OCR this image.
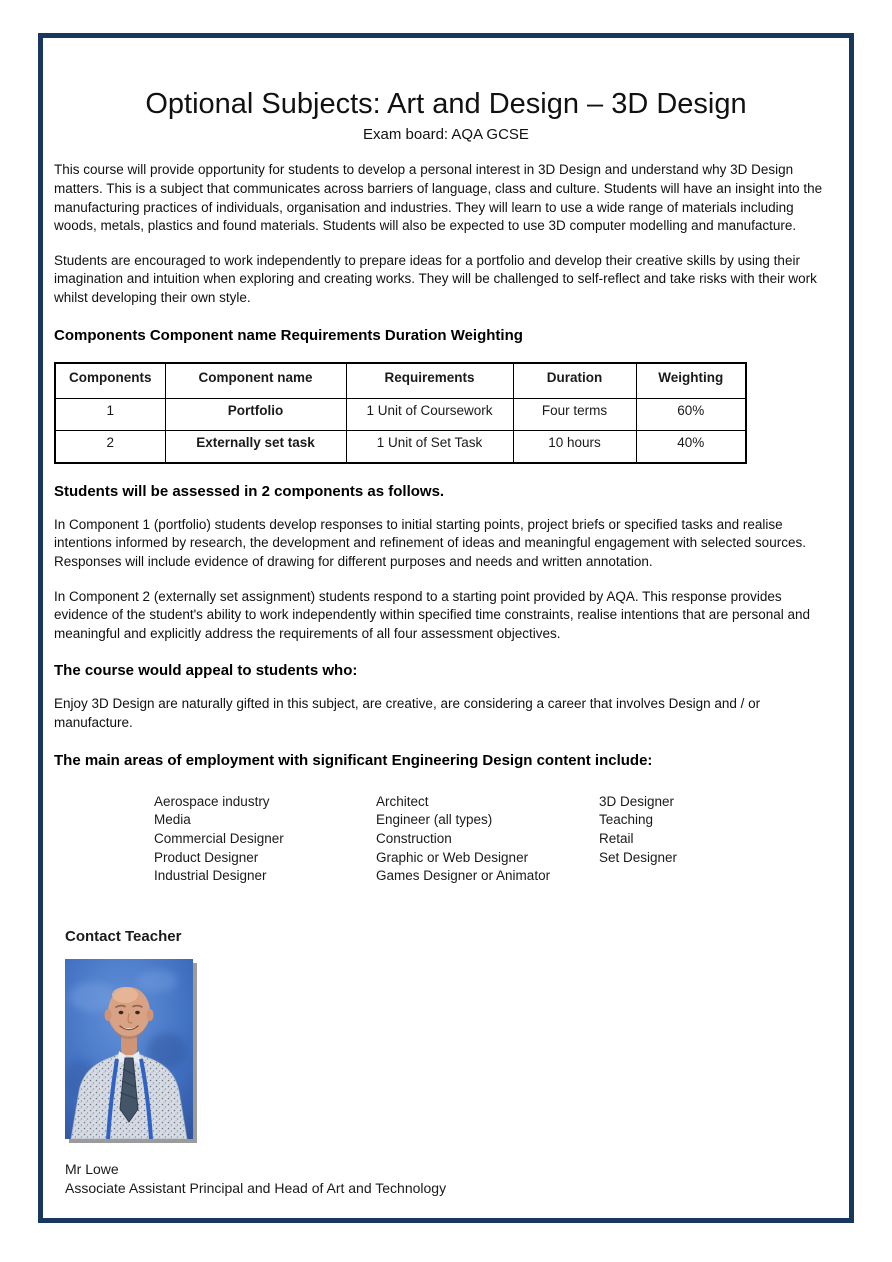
Optional Subjects: Art and Design – 3D Design
Exam board: AQA GCSE

This course will provide opportunity for students to develop a personal interest in 3D Design and understand why 3D Design matters. This is a subject that communicates across barriers of language, class and culture. Students will have an insight into the manufacturing practices of individuals, organisation and industries. They will learn to use a wide range of materials including woods, metals, plastics and found materials. Students will also be expected to use 3D computer modelling and manufacture.

Students are encouraged to work independently to prepare ideas for a portfolio and develop their creative skills by using their imagination and intuition when exploring and creating works. They will be challenged to self-reflect and take risks with their work whilst developing their own style.

Components Component name Requirements Duration Weighting
Components	Component name	Requirements	Duration	Weighting
1	Portfolio	1 Unit of Coursework	Four terms	60%
2	Externally set task	1 Unit of Set Task	10 hours	40%
Students will be assessed in 2 components as follows.

In Component 1 (portfolio) students develop responses to initial starting points, project briefs or specified tasks and realise intentions informed by research, the development and refinement of ideas and meaningful engagement with selected sources. Responses will include evidence of drawing for different purposes and needs and written annotation.

In Component 2 (externally set assignment) students respond to a starting point provided by AQA. This response provides evidence of the student's ability to work independently within specified time constraints, realise intentions that are personal and meaningful and explicitly address the requirements of all four assessment objectives.

The course would appeal to students who:

Enjoy 3D Design are naturally gifted in this subject, are creative, are considering a career that involves Design and / or manufacture.

The main areas of employment with significant Engineering Design content include:
Aerospace industry
Media
Commercial Designer
Product Designer
Industrial Designer
Architect
Engineer (all types)
Construction
Graphic or Web Designer
Games Designer or Animator
3D Designer
Teaching
Retail
Set Designer
Contact Teacher
Mr Lowe
Associate Assistant Principal and Head of Art and Technology
